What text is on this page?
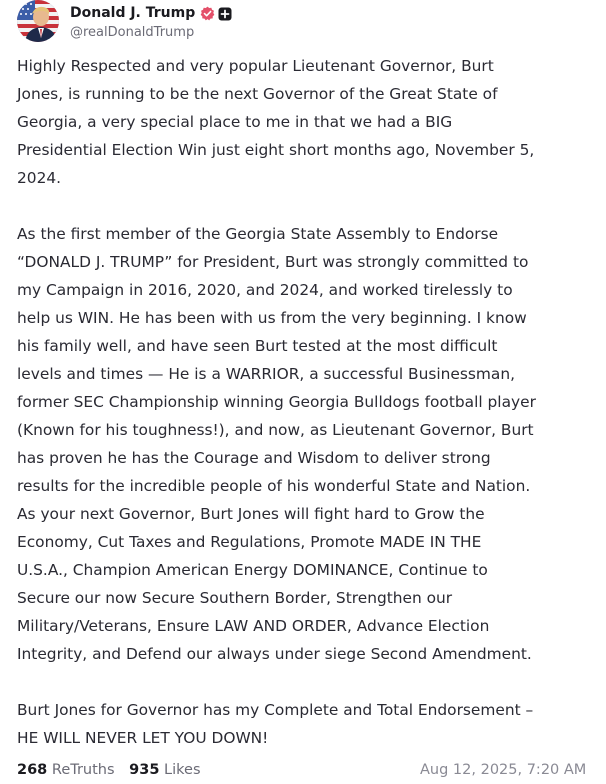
Donald J. Trump
@realDonaldTrump

Highly Respected and very popular Lieutenant Governor, Burt
Jones, is running to be the next Governor of the Great State of
Georgia, a very special place to me in that we had a BIG
Presidential Election Win just eight short months ago, November 5,
2024.

As the first member of the Georgia State Assembly to Endorse
“DONALD J. TRUMP” for President, Burt was strongly committed to
my Campaign in 2016, 2020, and 2024, and worked tirelessly to
help us WIN. He has been with us from the very beginning. I know
his family well, and have seen Burt tested at the most difficult
levels and times — He is a WARRIOR, a successful Businessman,
former SEC Championship winning Georgia Bulldogs football player
(Known for his toughness!), and now, as Lieutenant Governor, Burt
has proven he has the Courage and Wisdom to deliver strong
results for the incredible people of his wonderful State and Nation.
As your next Governor, Burt Jones will fight hard to Grow the
Economy, Cut Taxes and Regulations, Promote MADE IN THE
U.S.A., Champion American Energy DOMINANCE, Continue to
Secure our now Secure Southern Border, Strengthen our
Military/Veterans, Ensure LAW AND ORDER, Advance Election
Integrity, and Defend our always under siege Second Amendment.

Burt Jones for Governor has my Complete and Total Endorsement –
HE WILL NEVER LET YOU DOWN!

268 ReTruths 935 Likes	Aug 12, 2025, 7:20 AM
